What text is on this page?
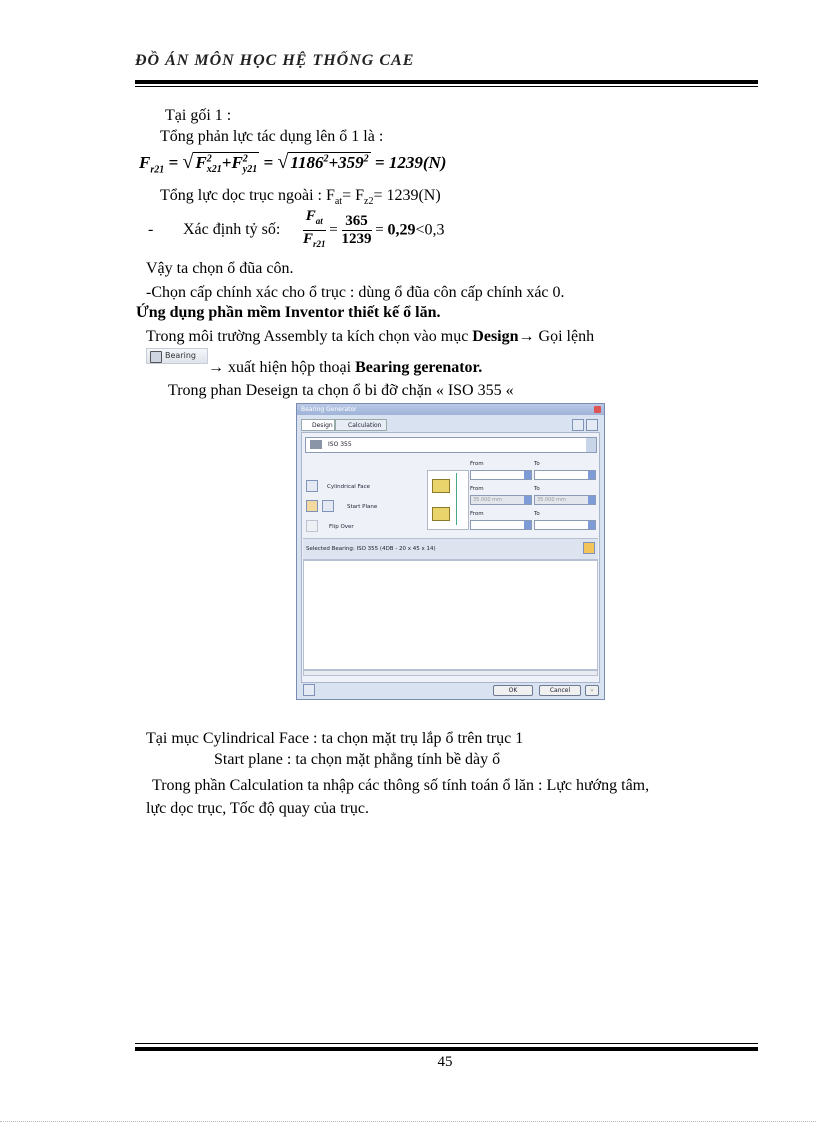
ĐỒ ÁN MÔN HỌC HỆ THỐNG CAE
Tại gối 1 :
Tổng phản lực tác dụng lên ổ 1 là :
$F_{r21}$ = √ $F^2_{x21}+F^2_{y21}$ = √ $1186^2+359^2 = 1239(N)$
Tổng lực dọc trục ngoài : $F_{at}= F_{z2}= 1239(N)$
- Xác định tỷ số: $\frac{F_{at}}{F_{r21}} = \frac{365}{1239} = 0,29<0,3$
Vậy ta chọn ổ đũa côn.
-Chọn cấp chính xác cho ổ trục : dùng ổ đũa côn cấp chính xác 0.
Ứng dụng phần mềm Inventor thiết kế ổ lăn.
Trong môi trường Assembly ta kích chọn vào mục Design→ Gọi lệnh
Bearing
→ xuất hiện hộp thoại Bearing gerenator.
Trong phan Deseign ta chọn ổ bi đỡ chặn « ISO 355 «
Bearing Generator
Design	Calculation
ISO 355
Cylindrical Face
Start Plane
Flip Over
From	To
From	To
35.000 mm	35.000 mm
From	To
Selected Bearing: ISO 355 (4DB - 20 x 45 x 14)
OK	Cancel	»
Tại mục Cylindrical Face : ta chọn mặt trụ lắp ổ trên trục 1
Start plane : ta chọn mặt phẳng tính bề dày ổ
Trong phần Calculation ta nhập các thông số tính toán ổ lăn : Lực hướng tâm,
lực dọc trục, Tốc độ quay của trục.
45
